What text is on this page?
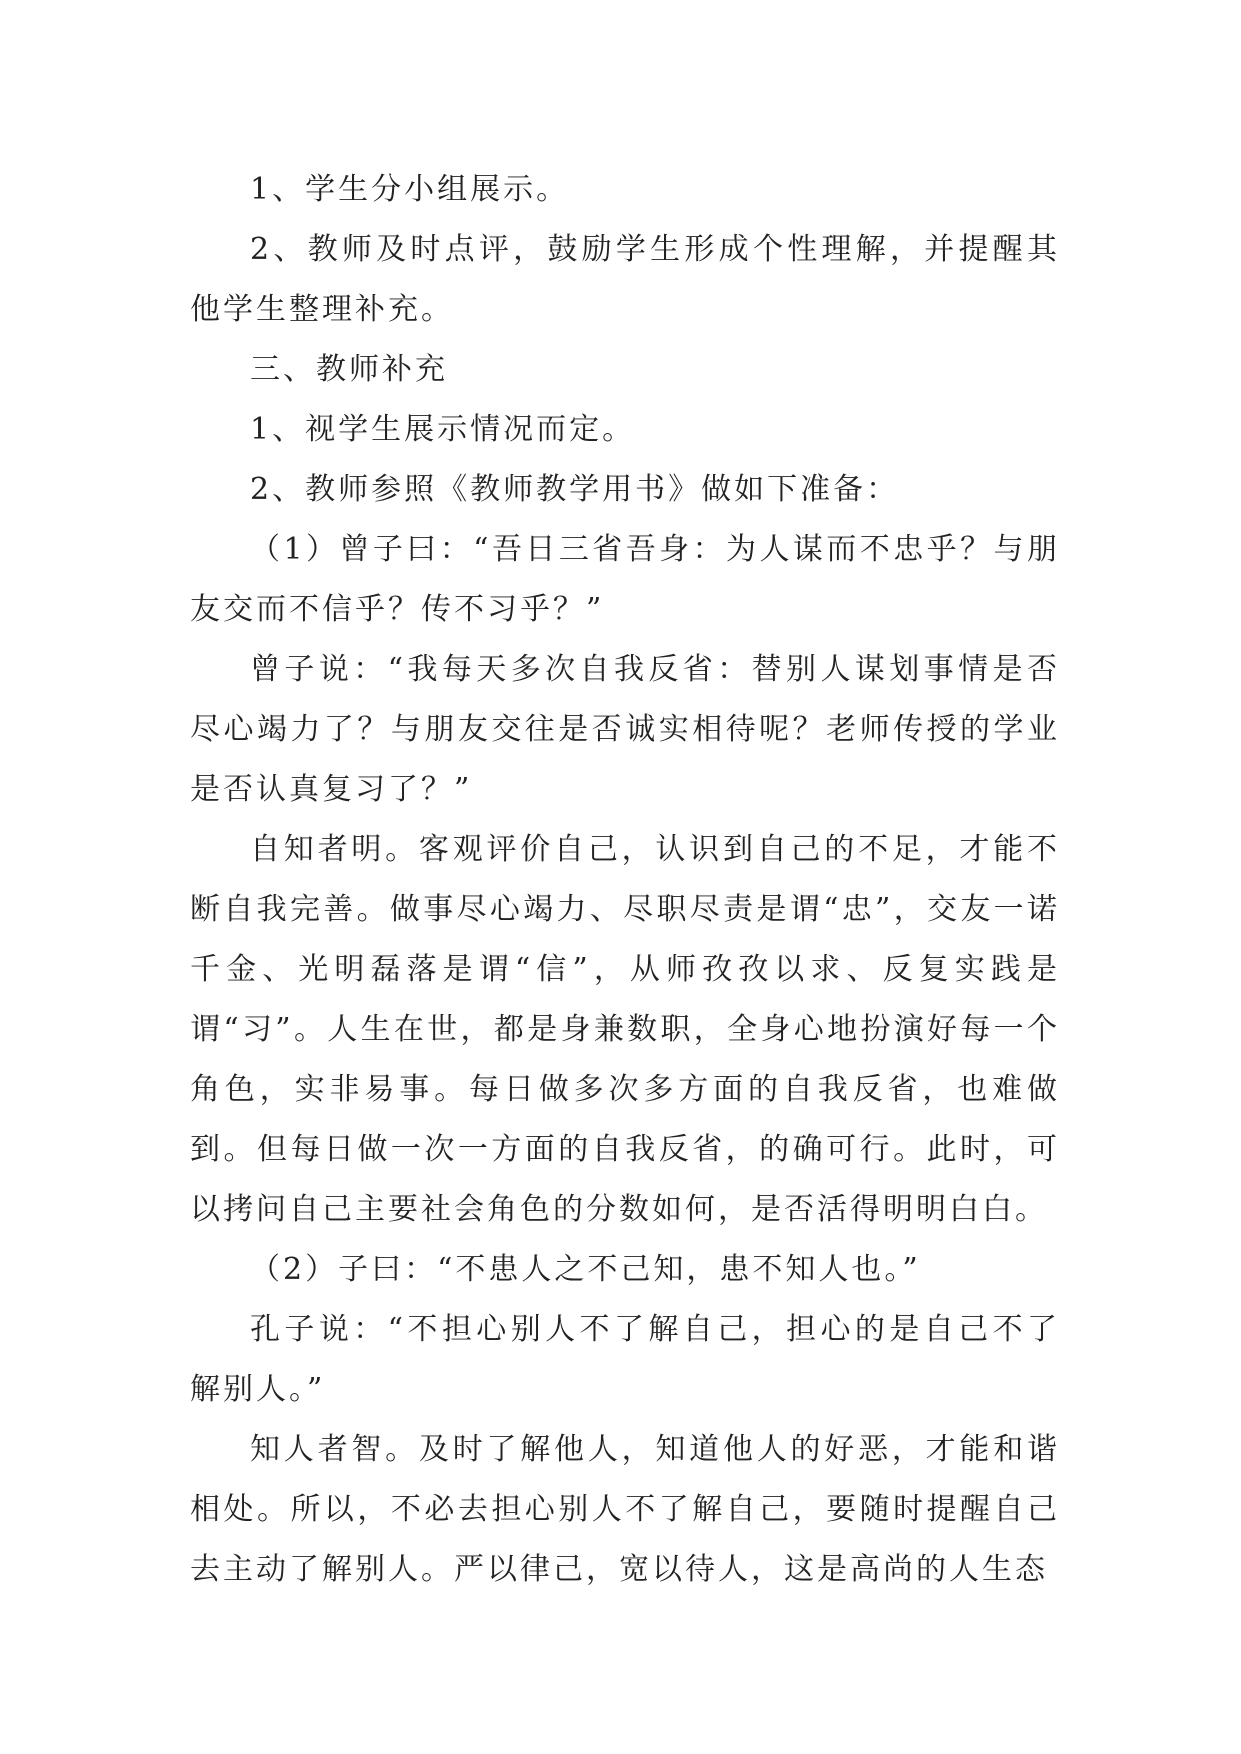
1、学生分小组展示。

2、教师及时点评，鼓励学生形成个性理解，并提醒其他学生整理补充。

三、教师补充

1、视学生展示情况而定。

2、教师参照《教师教学用书》做如下准备：

（1）曾子曰：“吾日三省吾身：为人谋而不忠乎？与朋友交而不信乎？传不习乎？”

曾子说：“我每天多次自我反省：替别人谋划事情是否尽心竭力了？与朋友交往是否诚实相待呢？老师传授的学业是否认真复习了？”

自知者明。客观评价自己，认识到自己的不足，才能不断自我完善。做事尽心竭力、尽职尽责是谓“忠”，交友一诺千金、光明磊落是谓“信”，从师孜孜以求、反复实践是谓“习”。人生在世，都是身兼数职，全身心地扮演好每一个角色，实非易事。每日做多次多方面的自我反省，也难做到。但每日做一次一方面的自我反省，的确可行。此时，可以拷问自己主要社会角色的分数如何，是否活得明明白白。

（2）子曰：“不患人之不己知，患不知人也。”

孔子说：“不担心别人不了解自己，担心的是自己不了解别人。”

知人者智。及时了解他人，知道他人的好恶，才能和谐相处。所以，不必去担心别人不了解自己，要随时提醒自己去主动了解别人。严以律己，宽以待人，这是高尚的人生态
